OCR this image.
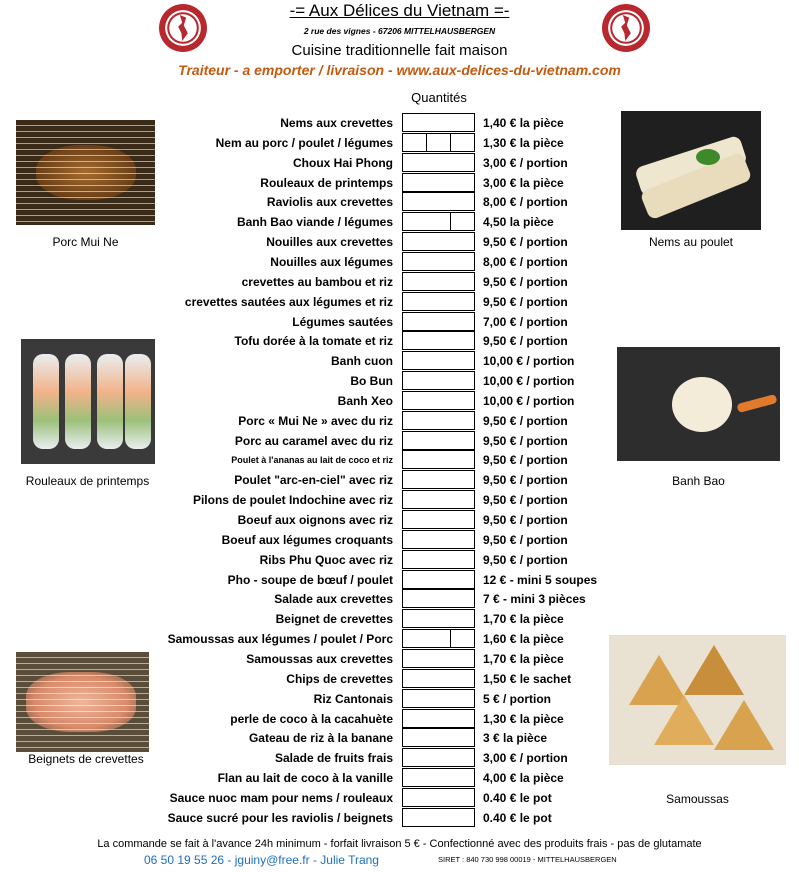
-= Aux Délices du Vietnam =-
2 rue des vignes - 67206 MITTELHAUSBERGEN
Cuisine traditionnelle fait maison
Traiteur - a emporter / livraison - www.aux-delices-du-vietnam.com
Quantités
Nems aux crevettes	1,40 € la pièce
Nem au porc / poulet / légumes	1,30 € la pièce
Choux Hai Phong	3,00 € / portion
Rouleaux de printemps	3,00 € la pièce
Raviolis aux crevettes	8,00 € / portion
Banh Bao viande / légumes	4,50 la pièce
Nouilles aux crevettes	9,50 € / portion
Nouilles aux légumes	8,00 € / portion
crevettes au bambou et riz	9,50 € / portion
crevettes sautées aux légumes et riz	9,50 € / portion
Légumes sautées	7,00 € / portion
Tofu dorée à la tomate et riz	9,50 € / portion
Banh cuon	10,00 € / portion
Bo Bun	10,00 € / portion
Banh Xeo	10,00 € / portion
Porc « Mui Ne » avec du riz	9,50 € / portion
Porc au caramel avec du riz	9,50 € / portion
Poulet à l'ananas au lait de coco et riz	9,50 € / portion
Poulet "arc-en-ciel" avec riz	9,50 € / portion
Pilons de poulet Indochine avec riz	9,50 € / portion
Boeuf aux oignons avec riz	9,50 € / portion
Boeuf aux légumes croquants	9,50 € / portion
Ribs Phu Quoc avec riz	9,50 € / portion
Pho - soupe de bœuf / poulet	12 € - mini 5 soupes
Salade aux crevettes	7 € - mini 3 pièces
Beignet de crevettes	1,70 € la pièce
Samoussas aux légumes / poulet / Porc	1,60 € la pièce
Samoussas aux crevettes	1,70 € la pièce
Chips de crevettes	1,50 € le sachet
Riz Cantonais	5 € / portion
perle de coco à la cacahuète	1,30 € la pièce
Gateau de riz à la banane	3 € la pièce
Salade de fruits frais	3,00 € / portion
Flan au lait de coco à la vanille	4,00 € la pièce
Sauce nuoc mam pour nems / rouleaux	0.40 € le pot
Sauce sucré pour les raviolis / beignets	0.40 € le pot
Porc Mui Ne	Nems au poulet
Rouleaux de printemps	Banh Bao
Beignets de crevettes
Samoussas
La commande se fait à l'avance 24h minimum - forfait livraison 5 € - Confectionné avec des produits frais - pas de glutamate
06 50 19 55 26 - jguiny@free.fr - Julie Trang	SIRET : 840 730 998 00019 - MITTELHAUSBERGEN
